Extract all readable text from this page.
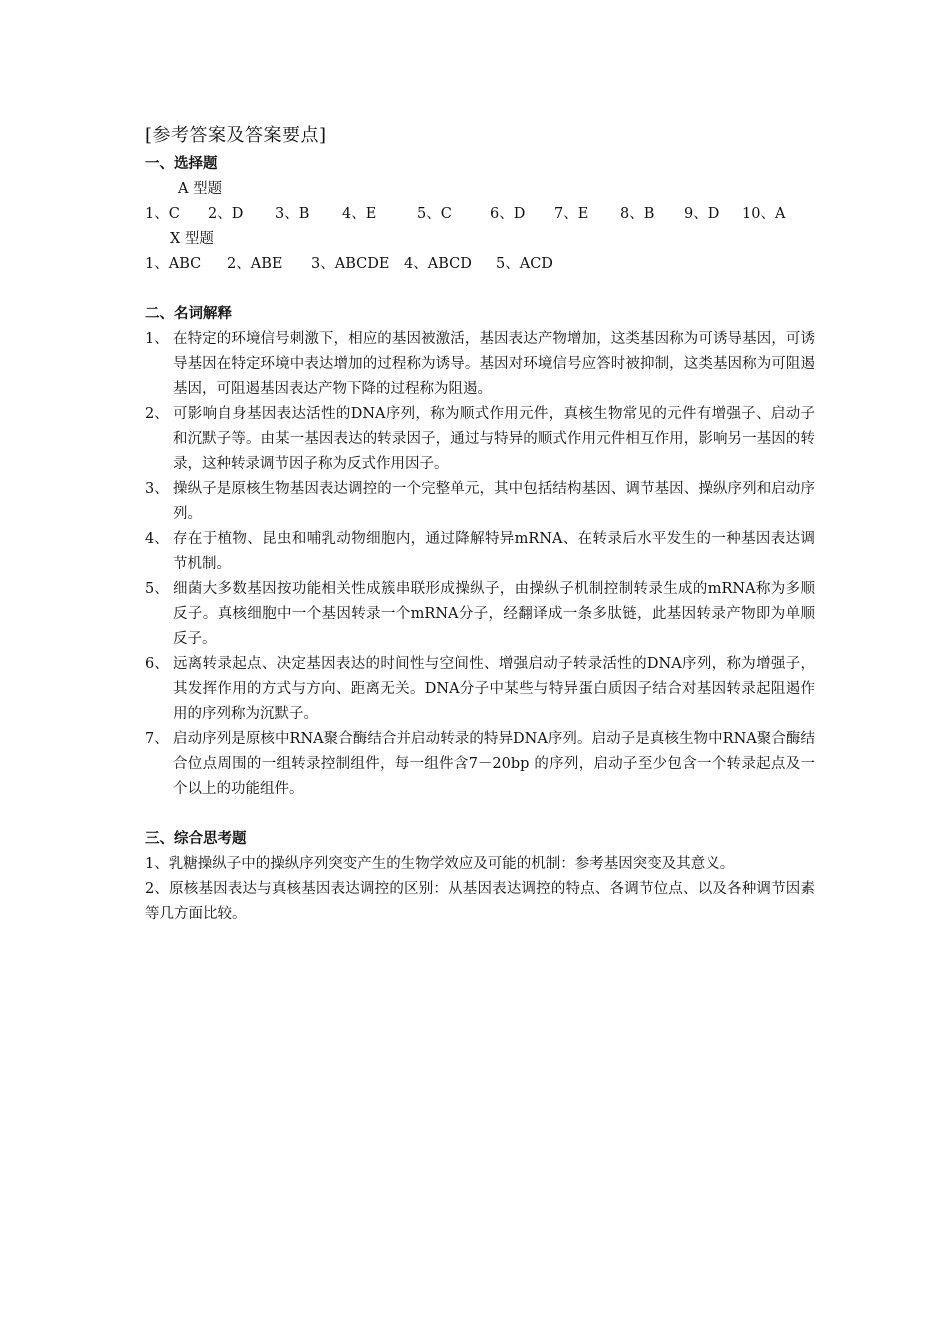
[参考答案及答案要点]
一、选择题
A 型题
1、C	2、D	3、B	4、E	5、C	6、D	7、E	8、B	9、D	10、A
X 型题
1、ABC	2、ABE	3、ABCDE	4、ABCD	5、ACD
二、名词解释
1、 在特定的环境信号刺激下，相应的基因被激活，基因表达产物增加，这类基因称为可诱导基因，可诱导基因在特定环境中表达增加的过程称为诱导。基因对环境信号应答时被抑制，这类基因称为可阻遏基因，可阻遏基因表达产物下降的过程称为阻遏。
2、 可影响自身基因表达活性的DNA序列，称为顺式作用元件，真核生物常见的元件有增强子、启动子和沉默子等。由某一基因表达的转录因子，通过与特异的顺式作用元件相互作用，影响另一基因的转录，这种转录调节因子称为反式作用因子。
3、 操纵子是原核生物基因表达调控的一个完整单元，其中包括结构基因、调节基因、操纵序列和启动序列。
4、 存在于植物、昆虫和哺乳动物细胞内，通过降解特异mRNA、在转录后水平发生的一种基因表达调节机制。
5、 细菌大多数基因按功能相关性成簇串联形成操纵子，由操纵子机制控制转录生成的mRNA称为多顺反子。真核细胞中一个基因转录一个mRNA分子，经翻译成一条多肽链，此基因转录产物即为单顺反子。
6、 远离转录起点、决定基因表达的时间性与空间性、增强启动子转录活性的DNA序列，称为增强子，其发挥作用的方式与方向、距离无关。DNA分子中某些与特异蛋白质因子结合对基因转录起阻遏作用的序列称为沉默子。
7、 启动序列是原核中RNA聚合酶结合并启动转录的特异DNA序列。启动子是真核生物中RNA聚合酶结合位点周围的一组转录控制组件，每一组件含7－20bp 的序列，启动子至少包含一个转录起点及一个以上的功能组件。
三、综合思考题
1、乳糖操纵子中的操纵序列突变产生的生物学效应及可能的机制：参考基因突变及其意义。
2、原核基因表达与真核基因表达调控的区别：从基因表达调控的特点、各调节位点、以及各种调节因素等几方面比较。
